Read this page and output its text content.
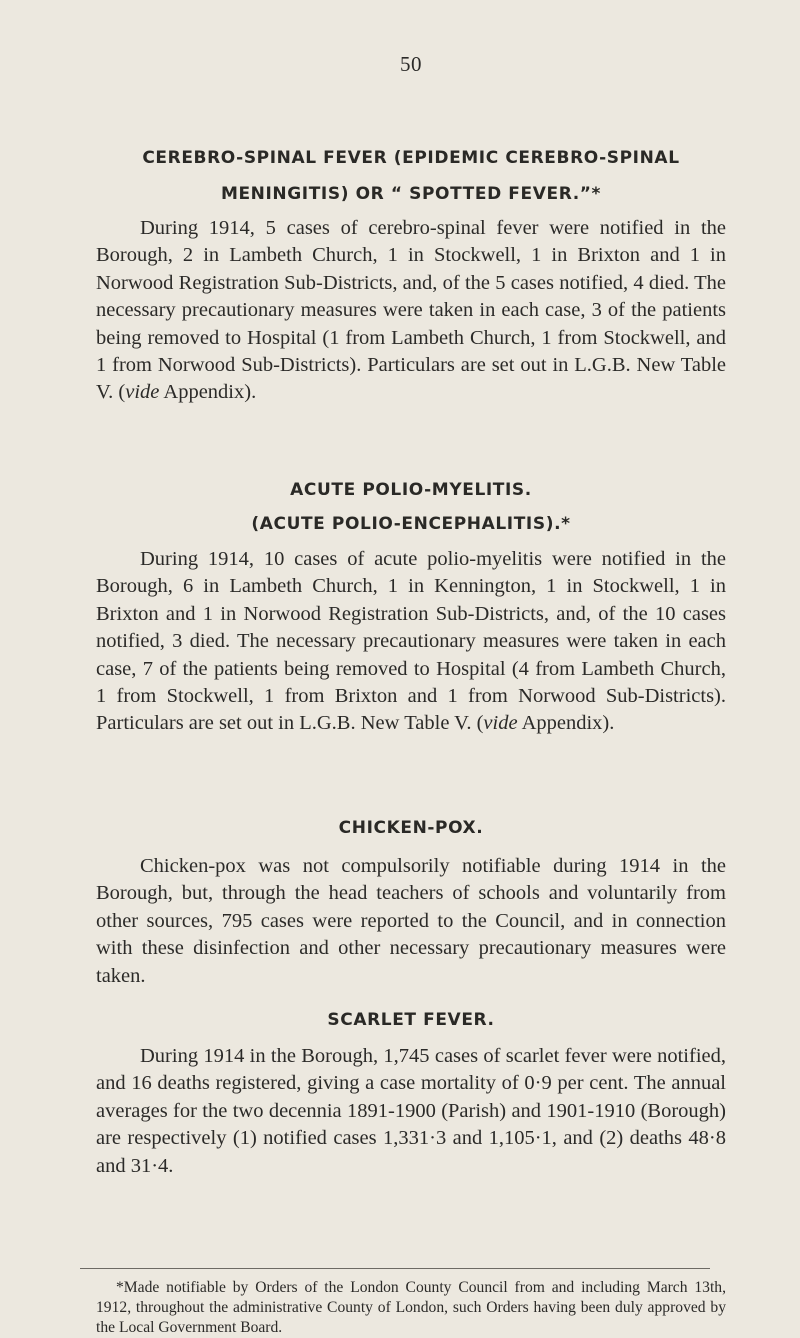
50
CEREBRO-SPINAL FEVER (EPIDEMIC CEREBRO-SPINAL
MENINGITIS) OR “ SPOTTED FEVER.”*

During 1914, 5 cases of cerebro-spinal fever were notified in the Borough, 2 in Lambeth Church, 1 in Stockwell, 1 in Brixton and 1 in Norwood Registration Sub-Districts, and, of the 5 cases notified, 4 died. The necessary precautionary measures were taken in each case, 3 of the patients being removed to Hospital (1 from Lambeth Church, 1 from Stockwell, and 1 from Norwood Sub-Districts). Particulars are set out in L.G.B. New Table V. (vide Appendix).

ACUTE POLIO-MYELITIS.
(ACUTE POLIO-ENCEPHALITIS).*

During 1914, 10 cases of acute polio-myelitis were notified in the Borough, 6 in Lambeth Church, 1 in Kennington, 1 in Stockwell, 1 in Brixton and 1 in Norwood Registration Sub-Districts, and, of the 10 cases notified, 3 died. The necessary precautionary measures were taken in each case, 7 of the patients being removed to Hospital (4 from Lambeth Church, 1 from Stockwell, 1 from Brixton and 1 from Norwood Sub-Districts). Particulars are set out in L.G.B. New Table V. (vide Appendix).

CHICKEN-POX.

Chicken-pox was not compulsorily notifiable during 1914 in the Borough, but, through the head teachers of schools and voluntarily from other sources, 795 cases were reported to the Council, and in connection with these disinfection and other necessary precautionary measures were taken.

SCARLET FEVER.

During 1914 in the Borough, 1,745 cases of scarlet fever were notified, and 16 deaths registered, giving a case mortality of 0·9 per cent. The annual averages for the two decennia 1891-1900 (Parish) and 1901-1910 (Borough) are respectively (1) notified cases 1,331·3 and 1,105·1, and (2) deaths 48·8 and 31·4.

*Made notifiable by Orders of the London County Council from and including March 13th, 1912, throughout the administrative County of London, such Orders having been duly approved by the Local Government Board.
